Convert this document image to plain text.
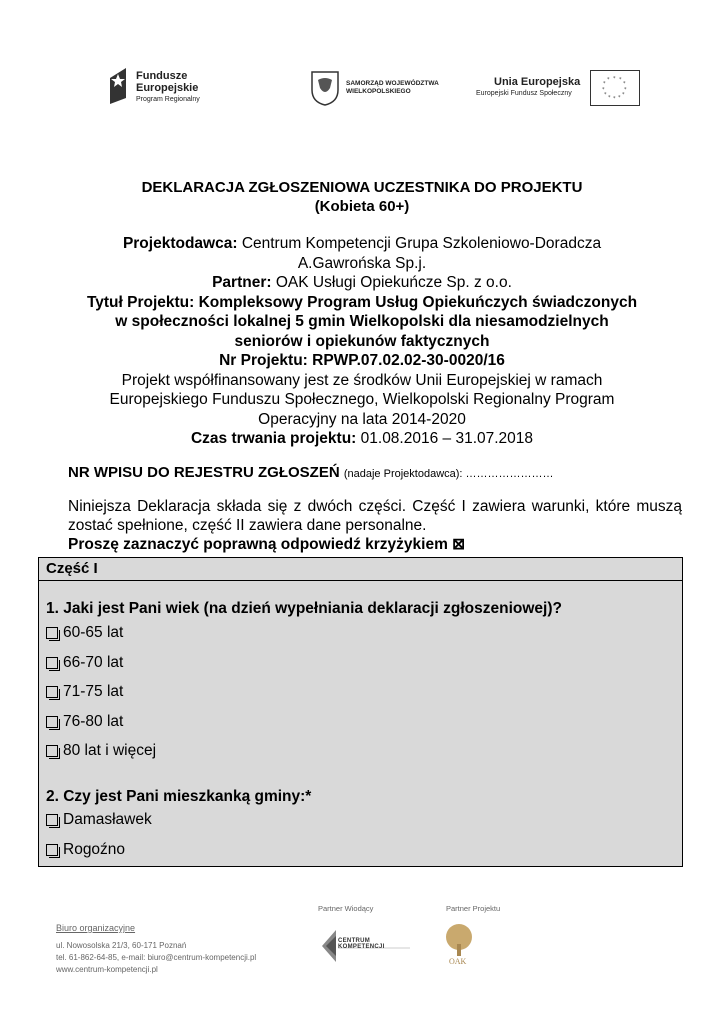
Fundusze
Europejskie
Program Regionalny
SAMORZĄD WOJEWÓDZTWA
WIELKOPOLSKIEGO
Unia Europejska
Europejski Fundusz Społeczny
* *
*
*
*
*
*
*
*
*
*
*
DEKLARACJA ZGŁOSZENIOWA UCZESTNIKA DO PROJEKTU
(Kobieta 60+)
Projektodawca: Centrum Kompetencji Grupa Szkoleniowo-Doradcza
A.Gawrońska Sp.j.
Partner: OAK Usługi Opiekuńcze Sp. z o.o.
Tytuł Projektu: Kompleksowy Program Usług Opiekuńczych świadczonych
w społeczności lokalnej 5 gmin Wielkopolski dla niesamodzielnych
seniorów i opiekunów faktycznych
Nr Projektu: RPWP.07.02.02-30-0020/16
Projekt współfinansowany jest ze środków Unii Europejskiej w ramach
Europejskiego Funduszu Społecznego, Wielkopolski Regionalny Program
Operacyjny na lata 2014-2020
Czas trwania projektu: 01.08.2016 – 31.07.2018
NR WPISU DO REJESTRU ZGŁOSZEŃ (nadaje Projektodawca): ……………………
Niniejsza Deklaracja składa się z dwóch części. Część I zawiera warunki, które muszą zostać spełnione, część II zawiera dane personalne.
Proszę zaznaczyć poprawną odpowiedź krzyżykiem ⊠
Część I
1. Jaki jest Pani wiek (na dzień wypełniania deklaracji zgłoszeniowej)?
60-65 lat
66-70 lat
71-75 lat
76-80 lat
80 lat i więcej
2. Czy jest Pani mieszkanką gminy:*
Damasławek
Rogoźno
Biuro organizacyjne
ul. Nowosolska 21/3, 60-171 Poznań
tel. 61-862-64-85, e-mail: biuro@centrum-kompetencji.pl
www.centrum-kompetencji.pl
Partner Wiodący	Partner Projektu
CENTRUM KOMPETENCJI
OAK
